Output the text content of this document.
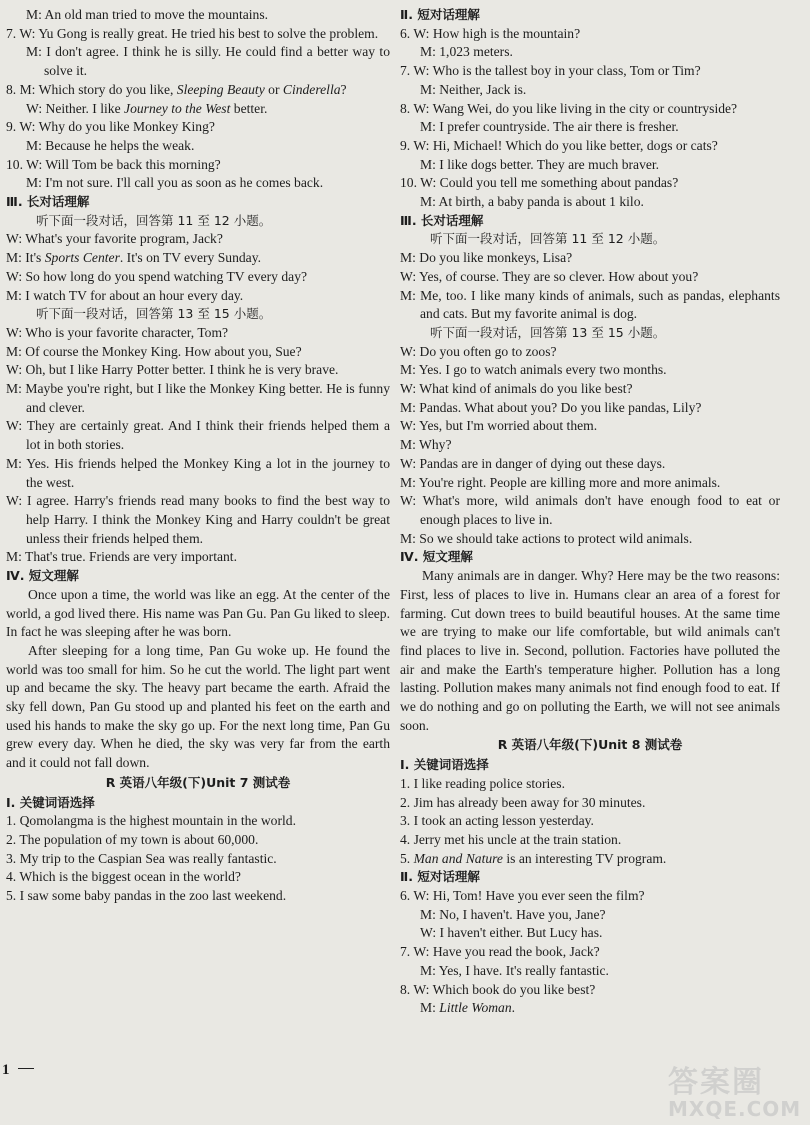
M: An old man tried to move the mountains.
7. W: Yu Gong is really great. He tried his best to solve the problem.
M: I don't agree. I think he is silly. He could find a better way to solve it.
8. M: Which story do you like, Sleeping Beauty or Cinderella?
W: Neither. I like Journey to the West better.
9. W: Why do you like Monkey King?
M: Because he helps the weak.
10. W: Will Tom be back this morning?
M: I'm not sure. I'll call you as soon as he comes back.
Ⅲ. 长对话理解
听下面一段对话，回答第 11 至 12 小题。
W: What's your favorite program, Jack?
M: It's Sports Center. It's on TV every Sunday.
W: So how long do you spend watching TV every day?
M: I watch TV for about an hour every day.
听下面一段对话，回答第 13 至 15 小题。
W: Who is your favorite character, Tom?
M: Of course the Monkey King. How about you, Sue?
W: Oh, but I like Harry Potter better. I think he is very brave.
M: Maybe you're right, but I like the Monkey King better. He is funny and clever.
W: They are certainly great. And I think their friends helped them a lot in both stories.
M: Yes. His friends helped the Monkey King a lot in the journey to the west.
W: I agree. Harry's friends read many books to find the best way to help Harry. I think the Monkey King and Harry couldn't be great unless their friends helped them.
M: That's true. Friends are very important.
Ⅳ. 短文理解
Once upon a time, the world was like an egg. At the center of the world, a god lived there. His name was Pan Gu. Pan Gu liked to sleep. In fact he was sleeping after he was born.
After sleeping for a long time, Pan Gu woke up. He found the world was too small for him. So he cut the world. The light part went up and became the sky. The heavy part became the earth. Afraid the sky fell down, Pan Gu stood up and planted his feet on the earth and used his hands to make the sky go up. For the next long time, Pan Gu grew every day. When he died, the sky was very far from the earth and it could not fall down.
R 英语八年级(下)Unit 7 测试卷
Ⅰ. 关键词语选择
1. Qomolangma is the highest mountain in the world.
2. The population of my town is about 60,000.
3. My trip to the Caspian Sea was really fantastic.
4. Which is the biggest ocean in the world?
5. I saw some baby pandas in the zoo last weekend.
Ⅱ. 短对话理解
6. W: How high is the mountain?
M: 1,023 meters.
7. W: Who is the tallest boy in your class, Tom or Tim?
M: Neither, Jack is.
8. W: Wang Wei, do you like living in the city or countryside?
M: I prefer countryside. The air there is fresher.
9. W: Hi, Michael! Which do you like better, dogs or cats?
M: I like dogs better. They are much braver.
10. W: Could you tell me something about pandas?
M: At birth, a baby panda is about 1 kilo.
Ⅲ. 长对话理解
听下面一段对话，回答第 11 至 12 小题。
M: Do you like monkeys, Lisa?
W: Yes, of course. They are so clever. How about you?
M: Me, too. I like many kinds of animals, such as pandas, elephants and cats. But my favorite animal is dog.
听下面一段对话，回答第 13 至 15 小题。
W: Do you often go to zoos?
M: Yes. I go to watch animals every two months.
W: What kind of animals do you like best?
M: Pandas. What about you? Do you like pandas, Lily?
W: Yes, but I'm worried about them.
M: Why?
W: Pandas are in danger of dying out these days.
M: You're right. People are killing more and more animals.
W: What's more, wild animals don't have enough food to eat or enough places to live in.
M: So we should take actions to protect wild animals.
Ⅳ. 短文理解
Many animals are in danger. Why? Here may be the two reasons: First, less of places to live in. Humans clear an area of a forest for farming. Cut down trees to build beautiful houses. At the same time we are trying to make our life comfortable, but wild animals can't find places to live in. Second, pollution. Factories have polluted the air and make the Earth's temperature higher. Pollution has a long lasting. Pollution makes many animals not find enough food to eat. If we do nothing and go on polluting the Earth, we will not see animals soon.
R 英语八年级(下)Unit 8 测试卷
Ⅰ. 关键词语选择
1. I like reading police stories.
2. Jim has already been away for 30 minutes.
3. I took an acting lesson yesterday.
4. Jerry met his uncle at the train station.
5. Man and Nature is an interesting TV program.
Ⅱ. 短对话理解
6. W: Hi, Tom! Have you ever seen the film?
M: No, I haven't. Have you, Jane?
W: I haven't either. But Lucy has.
7. W: Have you read the book, Jack?
M: Yes, I have. It's really fantastic.
8. W: Which book do you like best?
M: Little Woman.
1	答案圈
MXQE.COM
